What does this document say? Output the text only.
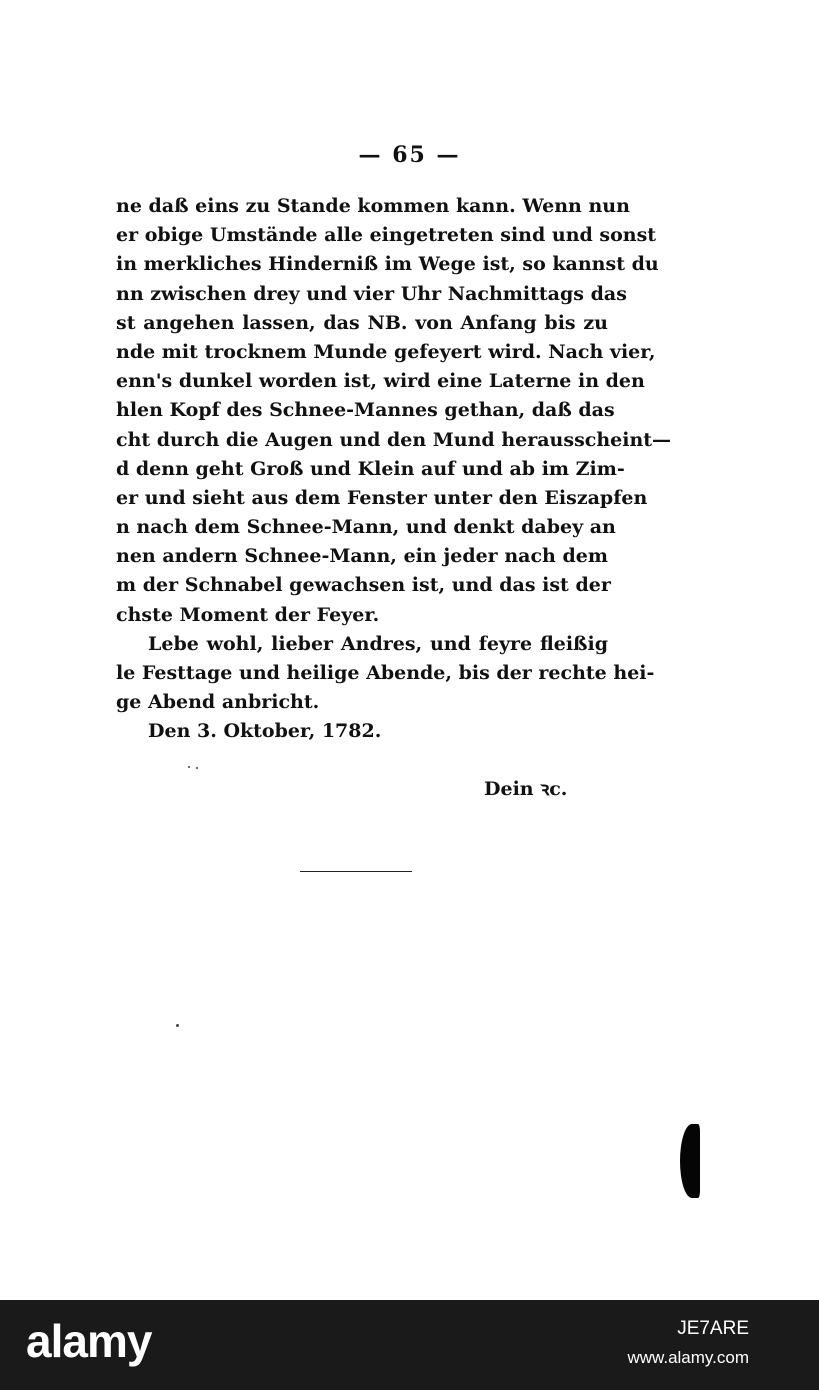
— 65 —
ne daß eins zu Stande kommen kann. Wenn nun
er obige Umstände alle eingetreten sind und sonst
in merkliches Hinderniß im Wege ist, so kannst du
nn zwischen drey und vier Uhr Nachmittags das
st angehen lassen, das NB. von Anfang bis zu
nde mit trocknem Munde gefeyert wird. Nach vier,
enn's dunkel worden ist, wird eine Laterne in den
hlen Kopf des Schnee-Mannes gethan, daß das
cht durch die Augen und den Mund herausscheint—
d denn geht Groß und Klein auf und ab im Zim-
er und sieht aus dem Fenster unter den Eiszapfen
n nach dem Schnee-Mann, und denkt dabey an
nen andern Schnee-Mann, ein jeder nach dem
m der Schnabel gewachsen ist, und das ist der
chste Moment der Feyer.
Lebe wohl, lieber Andres, und feyre fleißig
le Festtage und heilige Abende, bis der rechte hei-
ge Abend anbricht.
Den 3. Oktober, 1782.
Dein ꝛc.
alamy	JE7ARE
www.alamy.com
